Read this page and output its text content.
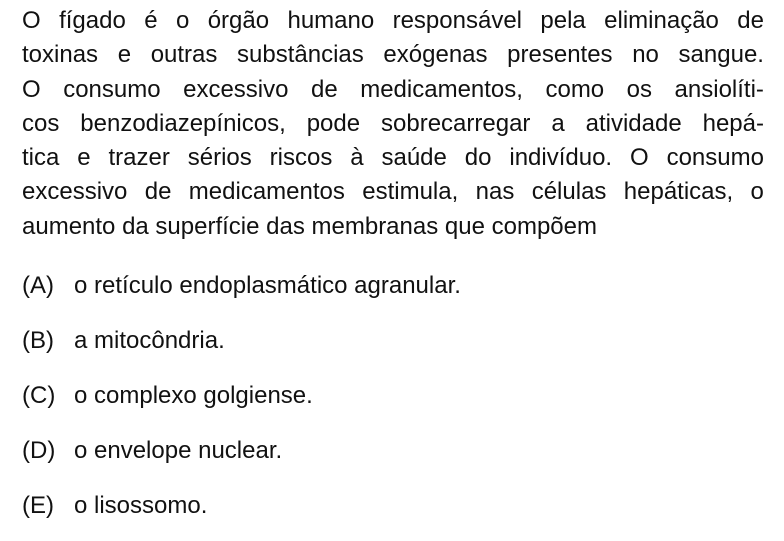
O fígado é o órgão humano responsável pela eliminação de
toxinas e outras substâncias exógenas presentes no sangue.
O consumo excessivo de medicamentos, como os ansiolíti-
cos benzodiazepínicos, pode sobrecarregar a atividade hepá-
tica e trazer sérios riscos à saúde do indivíduo. O consumo
excessivo de medicamentos estimula, nas células hepáticas, o
aumento da superfície das membranas que compõem
(A) o retículo endoplasmático agranular.
(B) a mitocôndria.
(C) o complexo golgiense.
(D) o envelope nuclear.
(E) o lisossomo.
